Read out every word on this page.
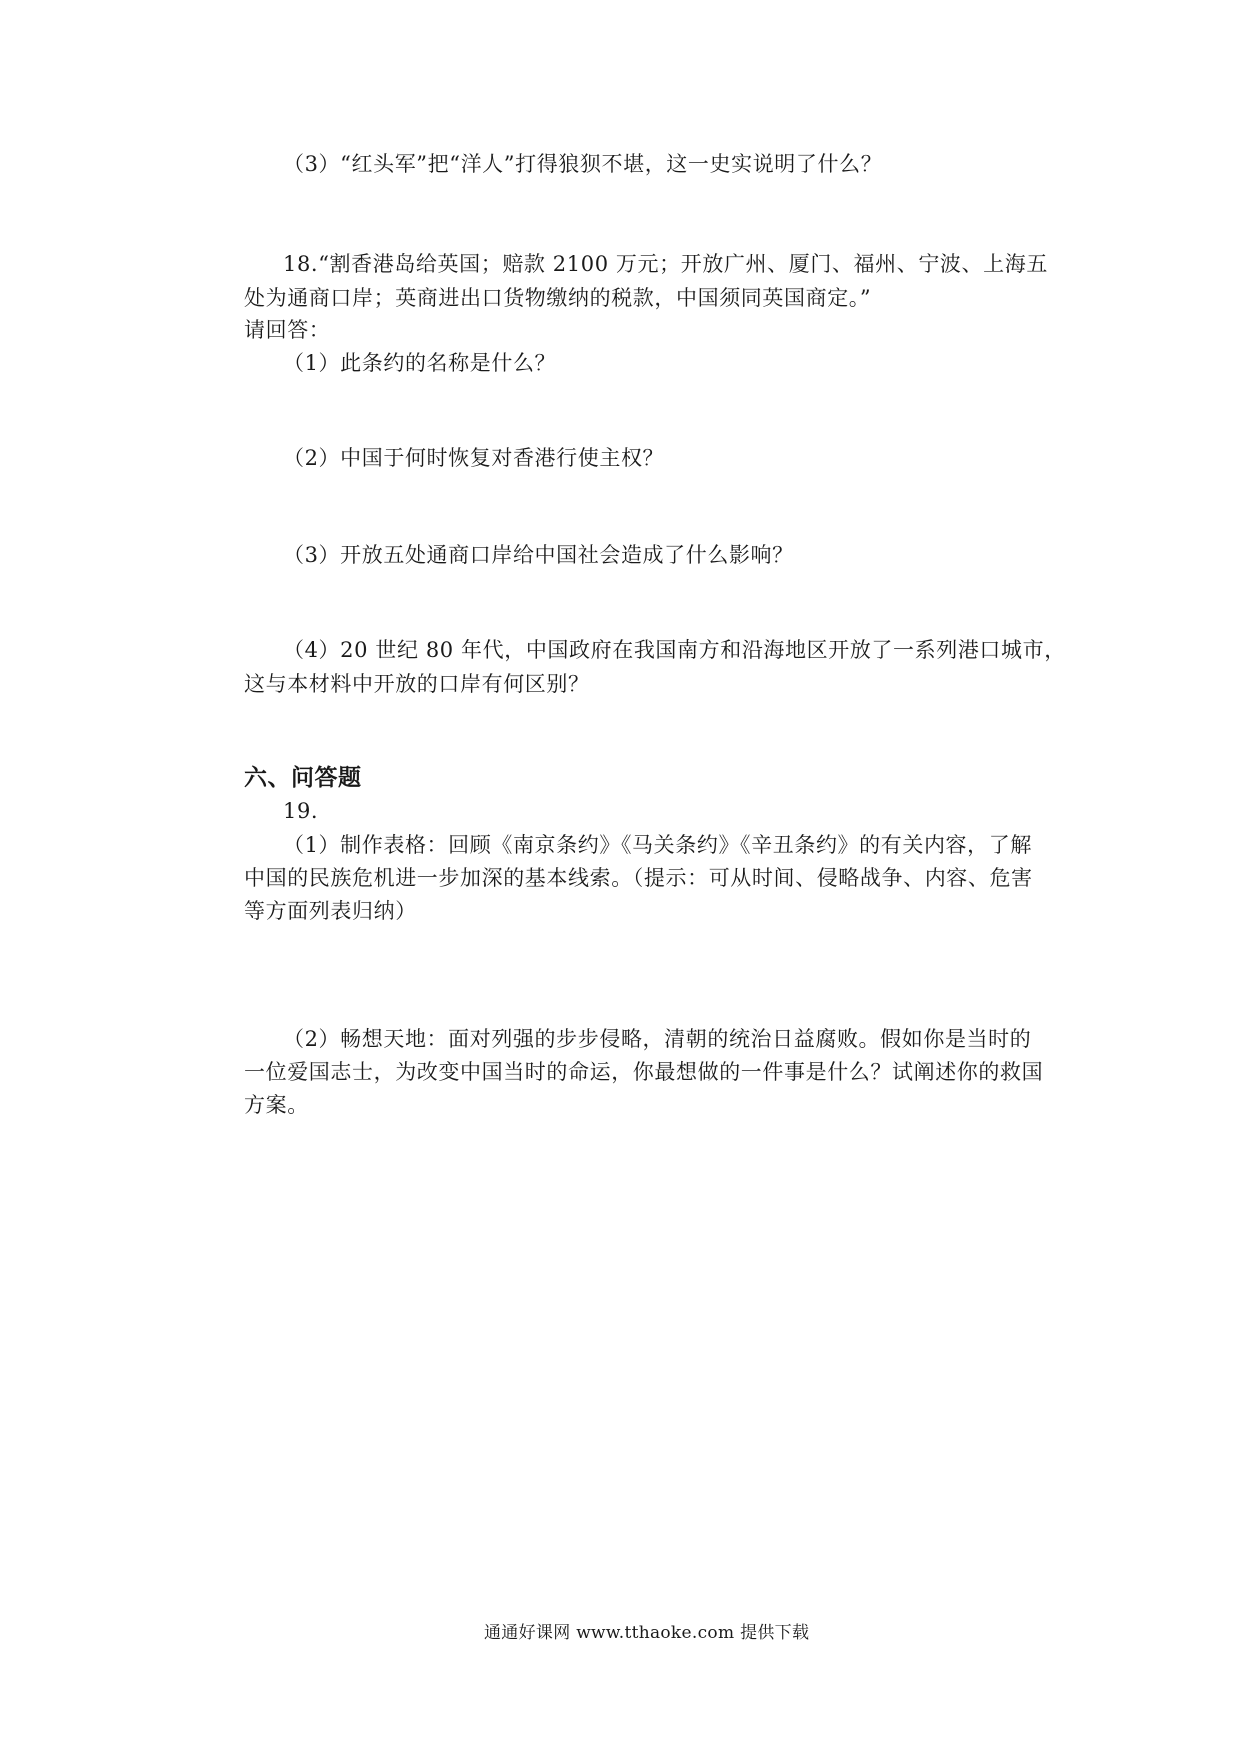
（3）“红头军”把“洋人”打得狼狈不堪，这一史实说明了什么？
18.“割香港岛给英国；赔款 2100 万元；开放广州、厦门、福州、宁波、上海五
处为通商口岸；英商进出口货物缴纳的税款，中国须同英国商定。”
请回答：
（1）此条约的名称是什么？
（2）中国于何时恢复对香港行使主权？
（3）开放五处通商口岸给中国社会造成了什么影响？
（4）20 世纪 80 年代，中国政府在我国南方和沿海地区开放了一系列港口城市，
这与本材料中开放的口岸有何区别？
六、问答题
19.
（1）制作表格：回顾《南京条约》《马关条约》《辛丑条约》的有关内容，了解
中国的民族危机进一步加深的基本线索。（提示：可从时间、侵略战争、内容、危害
等方面列表归纳）
（2）畅想天地：面对列强的步步侵略，清朝的统治日益腐败。假如你是当时的
一位爱国志士，为改变中国当时的命运，你最想做的一件事是什么？试阐述你的救国
方案。
通通好课网 www.tthaoke.com 提供下载
